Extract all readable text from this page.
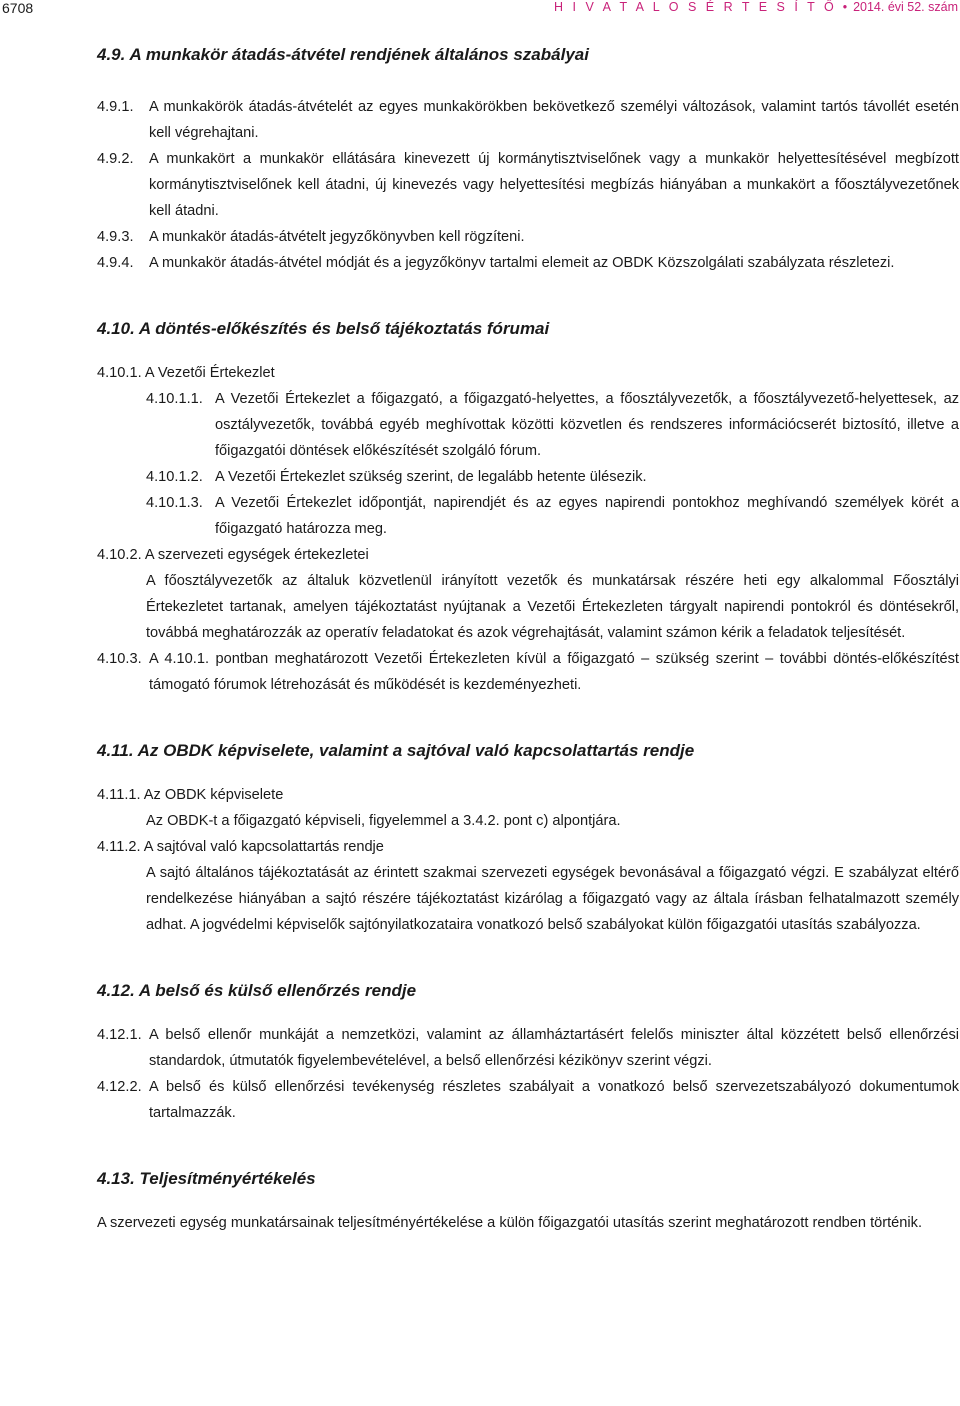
6708	H I V A T A L O S É R T E S Í T Ő • 2014. évi 52. szám
4.9. A munkakör átadás-átvétel rendjének általános szabályai
4.9.1.	A munkakörök átadás-átvételét az egyes munkakörökben bekövetkező személyi változások, valamint tartós távollét esetén kell végrehajtani.
4.9.2.	A munkakört a munkakör ellátására kinevezett új kormánytisztviselőnek vagy a munkakör helyettesítésével megbízott kormánytisztviselőnek kell átadni, új kinevezés vagy helyettesítési megbízás hiányában a munkakört a főosztályvezetőnek kell átadni.
4.9.3.	A munkakör átadás-átvételt jegyzőkönyvben kell rögzíteni.
4.9.4.	A munkakör átadás-átvétel módját és a jegyzőkönyv tartalmi elemeit az OBDK Közszolgálati szabályzata részletezi.
4.10. A döntés-előkészítés és belső tájékoztatás fórumai
4.10.1. A Vezetői Értekezlet
4.10.1.1. A Vezetői Értekezlet a főigazgató, a főigazgató-helyettes, a főosztályvezetők, a főosztályvezető-helyettesek, az osztályvezetők, továbbá egyéb meghívottak közötti közvetlen és rendszeres információcserét biztosító, illetve a főigazgatói döntések előkészítését szolgáló fórum.
4.10.1.2. A Vezetői Értekezlet szükség szerint, de legalább hetente ülésezik.
4.10.1.3. A Vezetői Értekezlet időpontját, napirendjét és az egyes napirendi pontokhoz meghívandó személyek körét a főigazgató határozza meg.
4.10.2. A szervezeti egységek értekezletei
A főosztályvezetők az általuk közvetlenül irányított vezetők és munkatársak részére heti egy alkalommal Főosztályi Értekezletet tartanak, amelyen tájékoztatást nyújtanak a Vezetői Értekezleten tárgyalt napirendi pontokról és döntésekről, továbbá meghatározzák az operatív feladatokat és azok végrehajtását, valamint számon kérik a feladatok teljesítését.
4.10.3. A 4.10.1. pontban meghatározott Vezetői Értekezleten kívül a főigazgató – szükség szerint – további döntés-előkészítést támogató fórumok létrehozását és működését is kezdeményezheti.
4.11. Az OBDK képviselete, valamint a sajtóval való kapcsolattartás rendje
4.11.1. Az OBDK képviselete
Az OBDK-t a főigazgató képviseli, figyelemmel a 3.4.2. pont c) alpontjára.
4.11.2. A sajtóval való kapcsolattartás rendje
A sajtó általános tájékoztatását az érintett szakmai szervezeti egységek bevonásával a főigazgató végzi. E szabályzat eltérő rendelkezése hiányában a sajtó részére tájékoztatást kizárólag a főigazgató vagy az általa írásban felhatalmazott személy adhat. A jogvédelmi képviselők sajtónyilatkozataira vonatkozó belső szabályokat külön főigazgatói utasítás szabályozza.
4.12. A belső és külső ellenőrzés rendje
4.12.1. A belső ellenőr munkáját a nemzetközi, valamint az államháztartásért felelős miniszter által közzétett belső ellenőrzési standardok, útmutatók figyelembevételével, a belső ellenőrzési kézikönyv szerint végzi.
4.12.2. A belső és külső ellenőrzési tevékenység részletes szabályait a vonatkozó belső szervezetszabályozó dokumentumok tartalmazzák.
4.13. Teljesítményértékelés
A szervezeti egység munkatársainak teljesítményértékelése a külön főigazgatói utasítás szerint meghatározott rendben történik.
